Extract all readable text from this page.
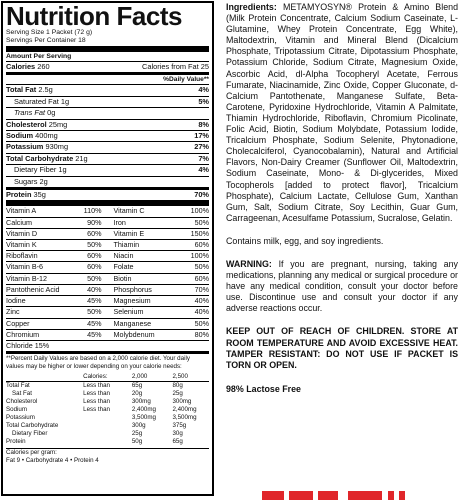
Nutrition Facts
Serving Size 1 Packet (72 g)
Servings Per Container 18
Amount Per Serving
Calories 260	Calories from Fat 25
%Daily Value**
Total Fat 2.5g	4%
Saturated Fat 1g	5%
Trans Fat 0g
Cholesterol 25mg	8%
Sodium 400mg	17%
Potassium 930mg	27%
Total Carbohydrate 21g	7%
Dietary Fiber 1g	4%
Sugars 2g
Protein 35g	70%
Vitamin A	110% Vitamin C	100%
Calcium	90% Iron	50%
Vitamin D	60% Vitamin E	150%
Vitamin K	50% Thiamin	60%
Riboflavin	60% Niacin	100%
Vitamin B-6	60% Folate	50%
Vitamin B-12	50% Biotin	60%
Pantothenic Acid	40% Phosphorus	70%
Iodine	45% Magnesium	40%
Zinc	50% Selenium	40%
Copper	45% Manganese	50%
Chromium	45% Molybdenum	80%
Chloride 15%
**Percent Daily Values are based on a 2,000 calorie diet. Your daily values may be higher or lower depending on your calorie needs:
	Calories:	2,000	2,500
Total Fat	Less than	65g	80g
Sat Fat	Less than	20g	25g
Cholesterol	Less than	300mg	300mg
Sodium	Less than	2,400mg	2,400mg
Potassium		3,500mg	3,500mg
Total Carbohydrate		300g	375g
Dietary Fiber		25g	30g
Protein		50g	65g
Calories per gram:
Fat 9 • Carbohydrate 4 • Protein 4

Ingredients: METAMYOSYN® Protein & Amino Blend (Milk Protein Concentrate, Calcium Sodium Caseinate, L-Glutamine, Whey Protein Concentrate, Egg White), Maltodextrin, Vitamin and Mineral Blend (Dicalcium Phosphate, Tripotassium Citrate, Dipotassium Phosphate, Potassium Chloride, Sodium Citrate, Magnesium Oxide, Ascorbic Acid, dl-Alpha Tocopheryl Acetate, Ferrous Fumarate, Niacinamide, Zinc Oxide, Copper Gluconate, d-Calcium Pantothenate, Manganese Sulfate, Beta-Carotene, Pyridoxine Hydrochloride, Vitamin A Palmitate, Thiamin Hydrochloride, Riboflavin, Chromium Picolinate, Folic Acid, Biotin, Sodium Molybdate, Potassium Iodide, Tricalcium Phosphate, Sodium Selenite, Phytonadione, Cholecalciferol, Cyanocobalamin), Natural and Artificial Flavors, Non-Dairy Creamer (Sunflower Oil, Maltodextrin, Sodium Caseinate, Mono- & Di-glycerides, Mixed Tocopherols [added to protect flavor], Tricalcium Phosphate), Calcium Lactate, Cellulose Gum, Xanthan Gum, Salt, Sodium Citrate, Soy Lecithin, Guar Gum, Carrageenan, Acesulfame Potassium, Sucralose, Gelatin.

Contains milk, egg, and soy ingredients.

WARNING: If you are pregnant, nursing, taking any medications, planning any medical or surgical procedure or have any medical condition, consult your doctor before use. Discontinue use and consult your doctor if any adverse reactions occur.

KEEP OUT OF REACH OF CHILDREN. STORE AT ROOM TEMPERATURE AND AVOID EXCESSIVE HEAT. TAMPER RESISTANT: DO NOT USE IF PACKET IS TORN OR OPEN.

98% Lactose Free
